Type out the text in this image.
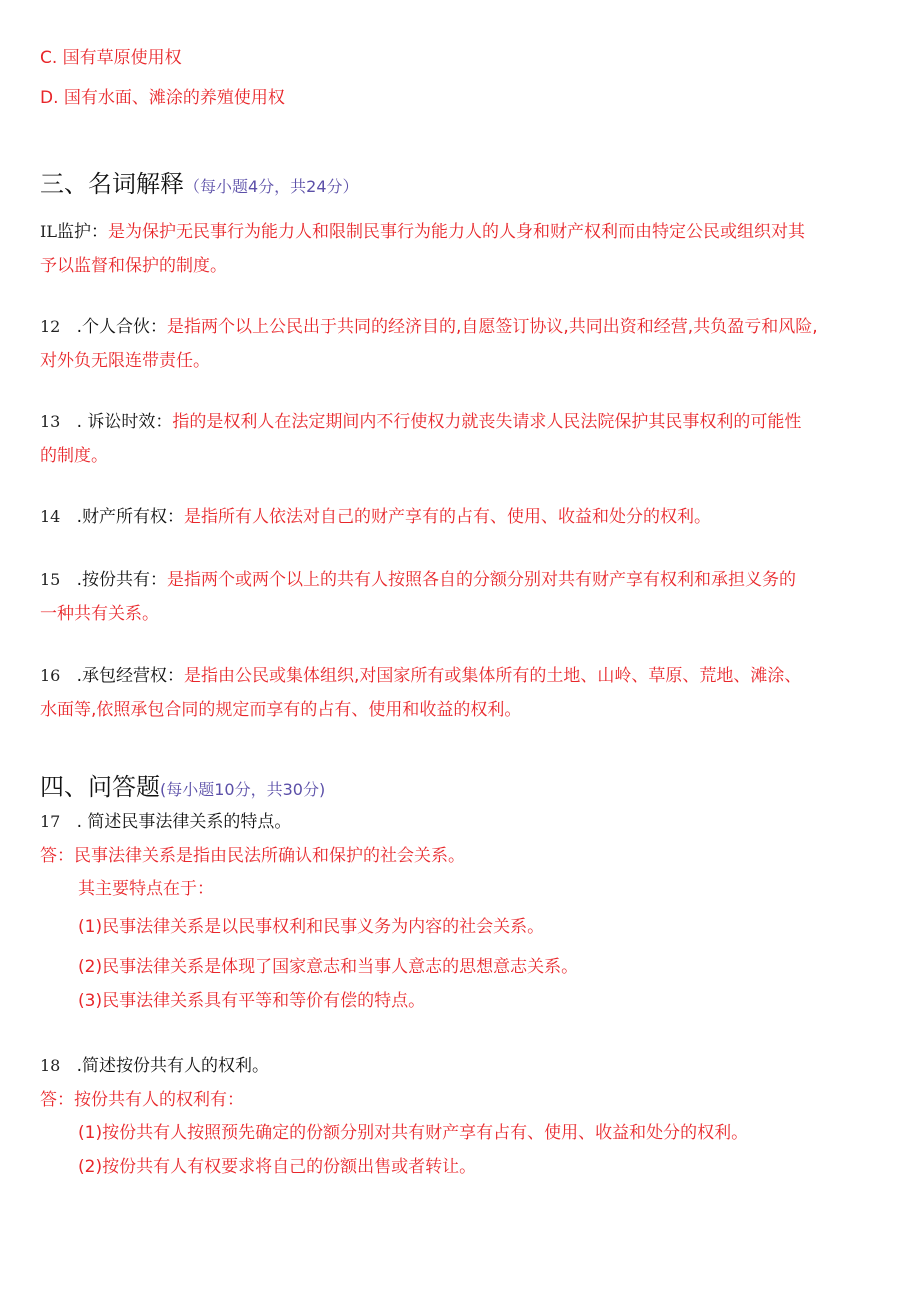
C. 国有草原使用权
D. 国有水面、滩涂的养殖使用权
三、名词解释（每小题4分，共24分）
IL监护：是为保护无民事行为能力人和限制民事行为能力人的人身和财产权利而由特定公民或组织对其
予以监督和保护的制度。
12 .个人合伙：是指两个以上公民出于共同的经济目的,自愿签订协议,共同出资和经营,共负盈亏和风险,
对外负无限连带责任。
13 . 诉讼时效：指的是权利人在法定期间内不行使权力就丧失请求人民法院保护其民事权利的可能性
的制度。
14 .财产所有权：是指所有人依法对自己的财产享有的占有、使用、收益和处分的权利。
15 .按份共有：是指两个或两个以上的共有人按照各自的分额分别对共有财产享有权利和承担义务的
一种共有关系。
16 .承包经营权：是指由公民或集体组织,对国家所有或集体所有的土地、山岭、草原、荒地、滩涂、
水面等,依照承包合同的规定而享有的占有、使用和收益的权利。
四、问答题(每小题10分，共30分)
17 . 简述民事法律关系的特点。
答：民事法律关系是指由民法所确认和保护的社会关系。
其主要特点在于：
(1)民事法律关系是以民事权利和民事义务为内容的社会关系。
(2)民事法律关系是体现了国家意志和当事人意志的思想意志关系。
(3)民事法律关系具有平等和等价有偿的特点。
18 .简述按份共有人的权利。
答：按份共有人的权利有：
(1)按份共有人按照预先确定的份额分别对共有财产享有占有、使用、收益和处分的权利。
(2)按份共有人有权要求将自己的份额出售或者转让。
